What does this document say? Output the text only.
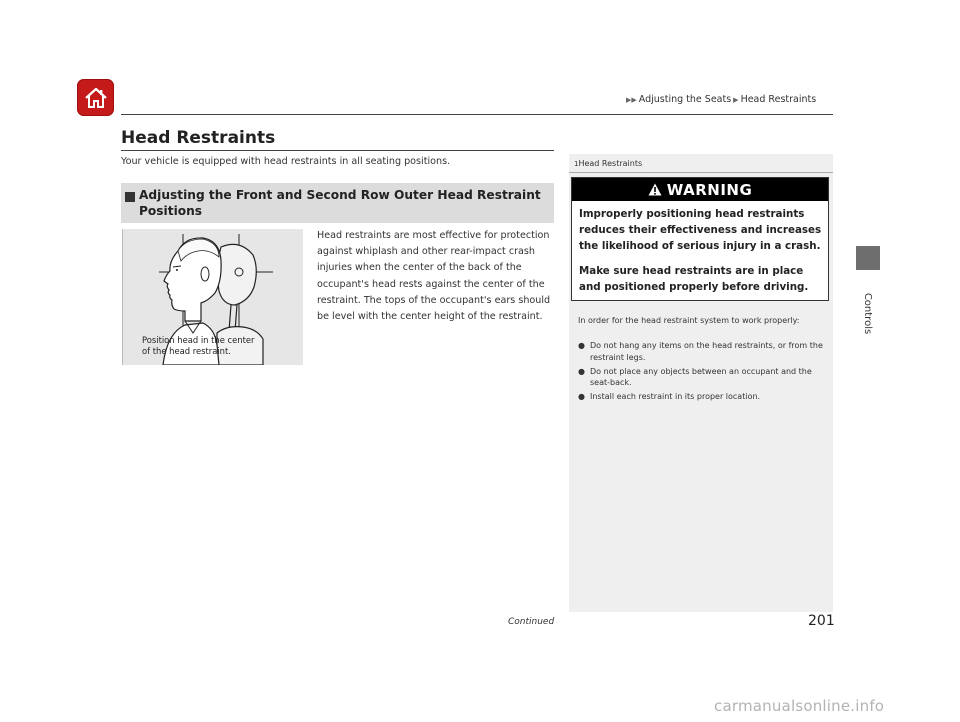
▶▶ Adjusting the Seats ▶ Head Restraints
Controls
Head Restraints
Your vehicle is equipped with head restraints in all seating positions.
Adjusting the Front and Second Row Outer Head Restraint Positions
Position head in the center
of the head restraint.
Head restraints are most effective for protection against whiplash and other rear-impact crash injuries when the center of the back of the occupant's head rests against the center of the restraint. The tops of the occupant's ears should be level with the center height of the restraint.
1Head Restraints
WARNING
Improperly positioning head restraints reduces their effectiveness and increases the likelihood of serious injury in a crash.
Make sure head restraints are in place and positioned properly before driving.
In order for the head restraint system to work properly:
● Do not hang any items on the head restraints, or from the restraint legs.
● Do not place any objects between an occupant and the seat-back.
● Install each restraint in its proper location.
Continued	201
carmanualsonline.info
